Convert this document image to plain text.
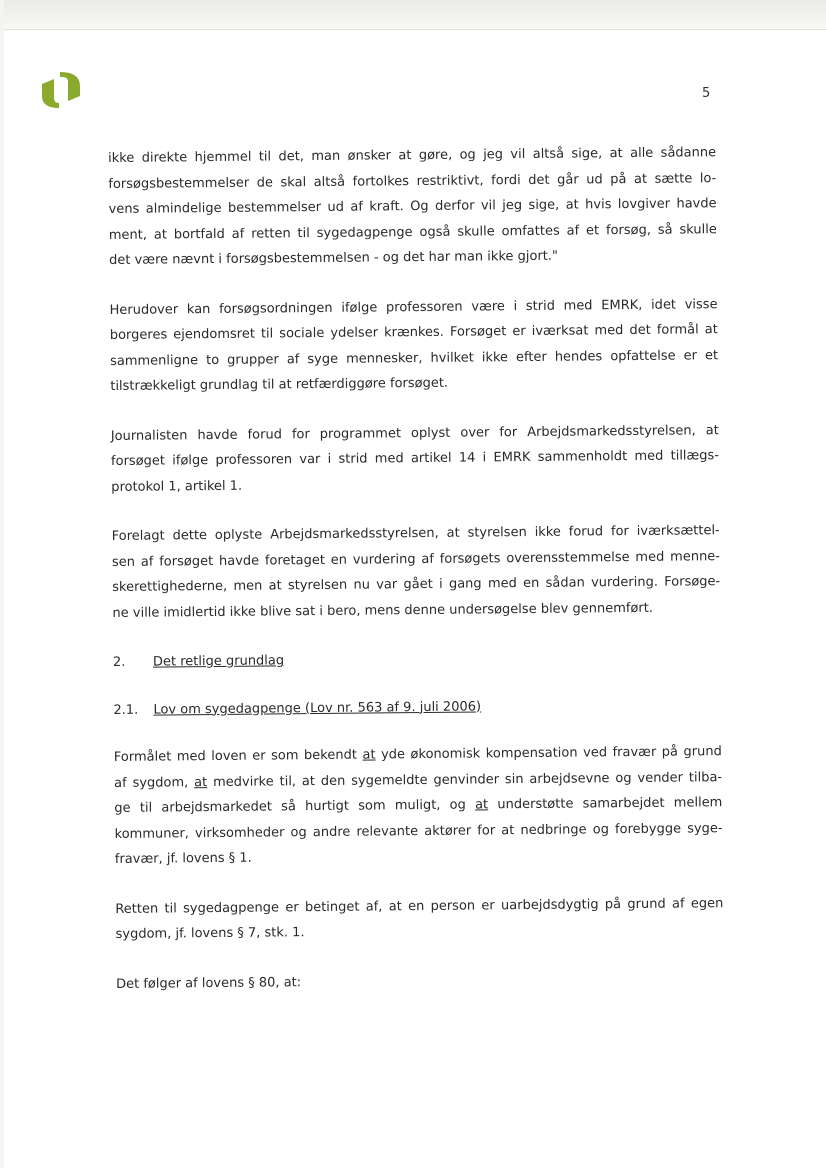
5
ikke direkte hjemmel til det, man ønsker at gøre, og jeg vil altså sige, at alle sådanne
forsøgsbestemmelser de skal altså fortolkes restriktivt, fordi det går ud på at sætte lo-
vens almindelige bestemmelser ud af kraft. Og derfor vil jeg sige, at hvis lovgiver havde
ment, at bortfald af retten til sygedagpenge også skulle omfattes af et forsøg, så skulle
det være nævnt i forsøgsbestemmelsen - og det har man ikke gjort."
Herudover kan forsøgsordningen ifølge professoren være i strid med EMRK, idet visse
borgeres ejendomsret til sociale ydelser krænkes. Forsøget er iværksat med det formål at
sammenligne to grupper af syge mennesker, hvilket ikke efter hendes opfattelse er et
tilstrækkeligt grundlag til at retfærdiggøre forsøget.
Journalisten havde forud for programmet oplyst over for Arbejdsmarkedsstyrelsen, at
forsøget ifølge professoren var i strid med artikel 14 i EMRK sammenholdt med tillægs-
protokol 1, artikel 1.
Forelagt dette oplyste Arbejdsmarkedsstyrelsen, at styrelsen ikke forud for iværksættel-
sen af forsøget havde foretaget en vurdering af forsøgets overensstemmelse med menne-
skerettighederne, men at styrelsen nu var gået i gang med en sådan vurdering. Forsøge-
ne ville imidlertid ikke blive sat i bero, mens denne undersøgelse blev gennemført.
2.	Det retlige grundlag
2.1.	Lov om sygedagpenge (Lov nr. 563 af 9. juli 2006)
Formålet med loven er som bekendt at yde økonomisk kompensation ved fravær på grund
af sygdom, at medvirke til, at den sygemeldte genvinder sin arbejdsevne og vender tilba-
ge til arbejdsmarkedet så hurtigt som muligt, og at understøtte samarbejdet mellem
kommuner, virksomheder og andre relevante aktører for at nedbringe og forebygge syge-
fravær, jf. lovens § 1.
Retten til sygedagpenge er betinget af, at en person er uarbejdsdygtig på grund af egen
sygdom, jf. lovens § 7, stk. 1.
Det følger af lovens § 80, at:
